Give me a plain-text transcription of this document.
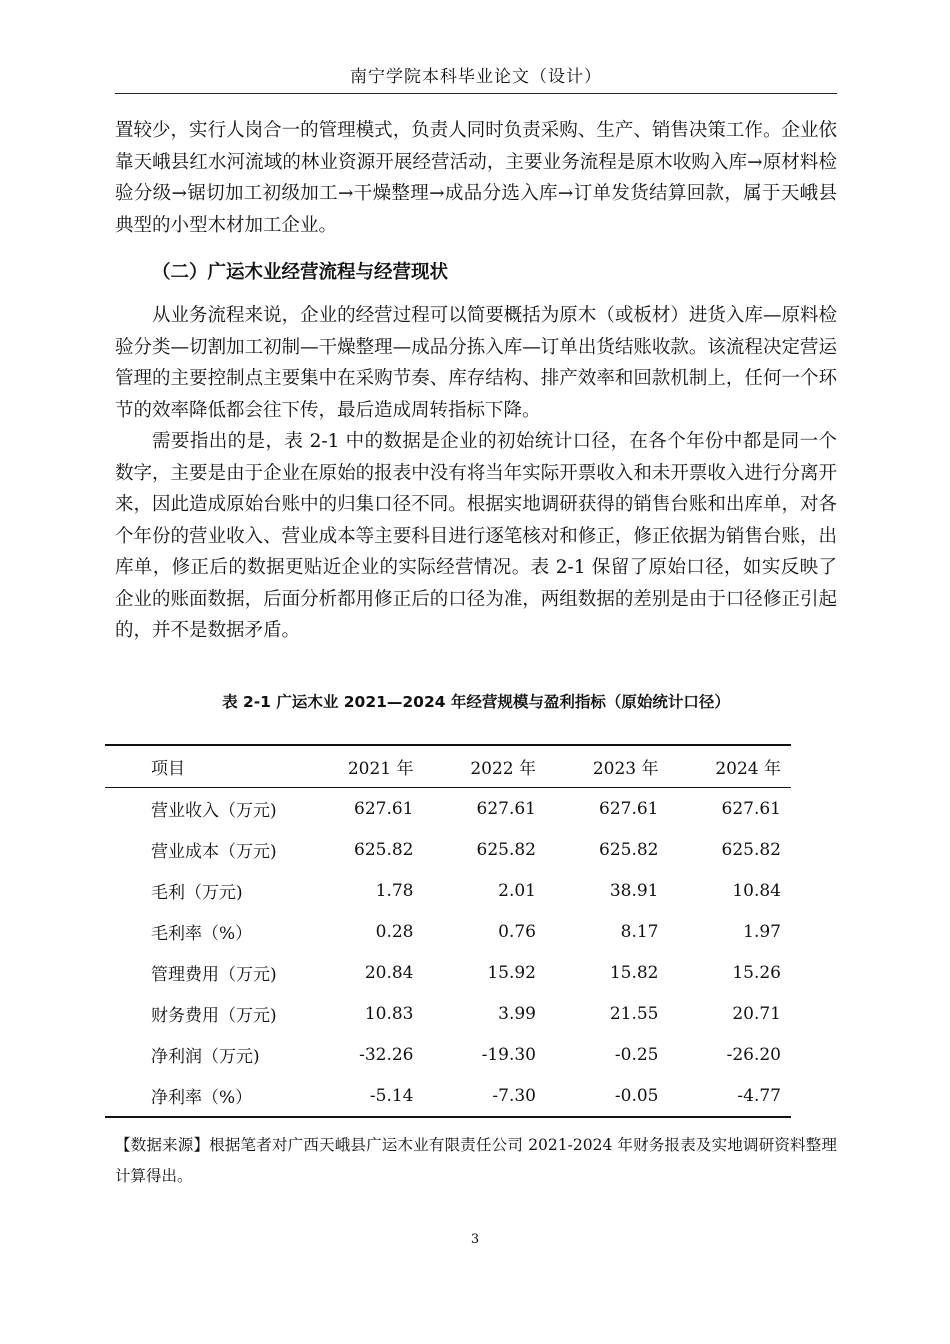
南宁学院本科毕业论文（设计）

置较少，实行人岗合一的管理模式，负责人同时负责采购、生产、销售决策工作。企业依靠天峨县红水河流域的林业资源开展经营活动，主要业务流程是原木收购入库→原材料检验分级→锯切加工初级加工→干燥整理→成品分选入库→订单发货结算回款，属于天峨县典型的小型木材加工企业。

（二）广运木业经营流程与经营现状

从业务流程来说，企业的经营过程可以简要概括为原木（或板材）进货入库—原料检验分类—切割加工初制—干燥整理—成品分拣入库—订单出货结账收款。该流程决定营运管理的主要控制点主要集中在采购节奏、库存结构、排产效率和回款机制上，任何一个环节的效率降低都会往下传，最后造成周转指标下降。

需要指出的是，表 2-1 中的数据是企业的初始统计口径，在各个年份中都是同一个数字，主要是由于企业在原始的报表中没有将当年实际开票收入和未开票收入进行分离开来，因此造成原始台账中的归集口径不同。根据实地调研获得的销售台账和出库单，对各个年份的营业收入、营业成本等主要科目进行逐笔核对和修正，修正依据为销售台账，出库单，修正后的数据更贴近企业的实际经营情况。表 2-1 保留了原始口径，如实反映了企业的账面数据，后面分析都用修正后的口径为准，两组数据的差别是由于口径修正引起的，并不是数据矛盾。

表 2-1 广运木业 2021—2024 年经营规模与盈利指标（原始统计口径）
项目	2021 年	2022 年	2023 年	2024 年
营业收入（万元)	627.61	627.61	627.61	627.61
营业成本（万元)	625.82	625.82	625.82	625.82
毛利（万元)	1.78	2.01	38.91	10.84
毛利率（%）	0.28	0.76	8.17	1.97
管理费用（万元)	20.84	15.92	15.82	15.26
财务费用（万元)	10.83	3.99	21.55	20.71
净利润（万元)	-32.26	-19.30	-0.25	-26.20
净利率（%）	-5.14	-7.30	-0.05	-4.77
【数据来源】根据笔者对广西天峨县广运木业有限责任公司 2021-2024 年财务报表及实地调研资料整理计算得出。
3
